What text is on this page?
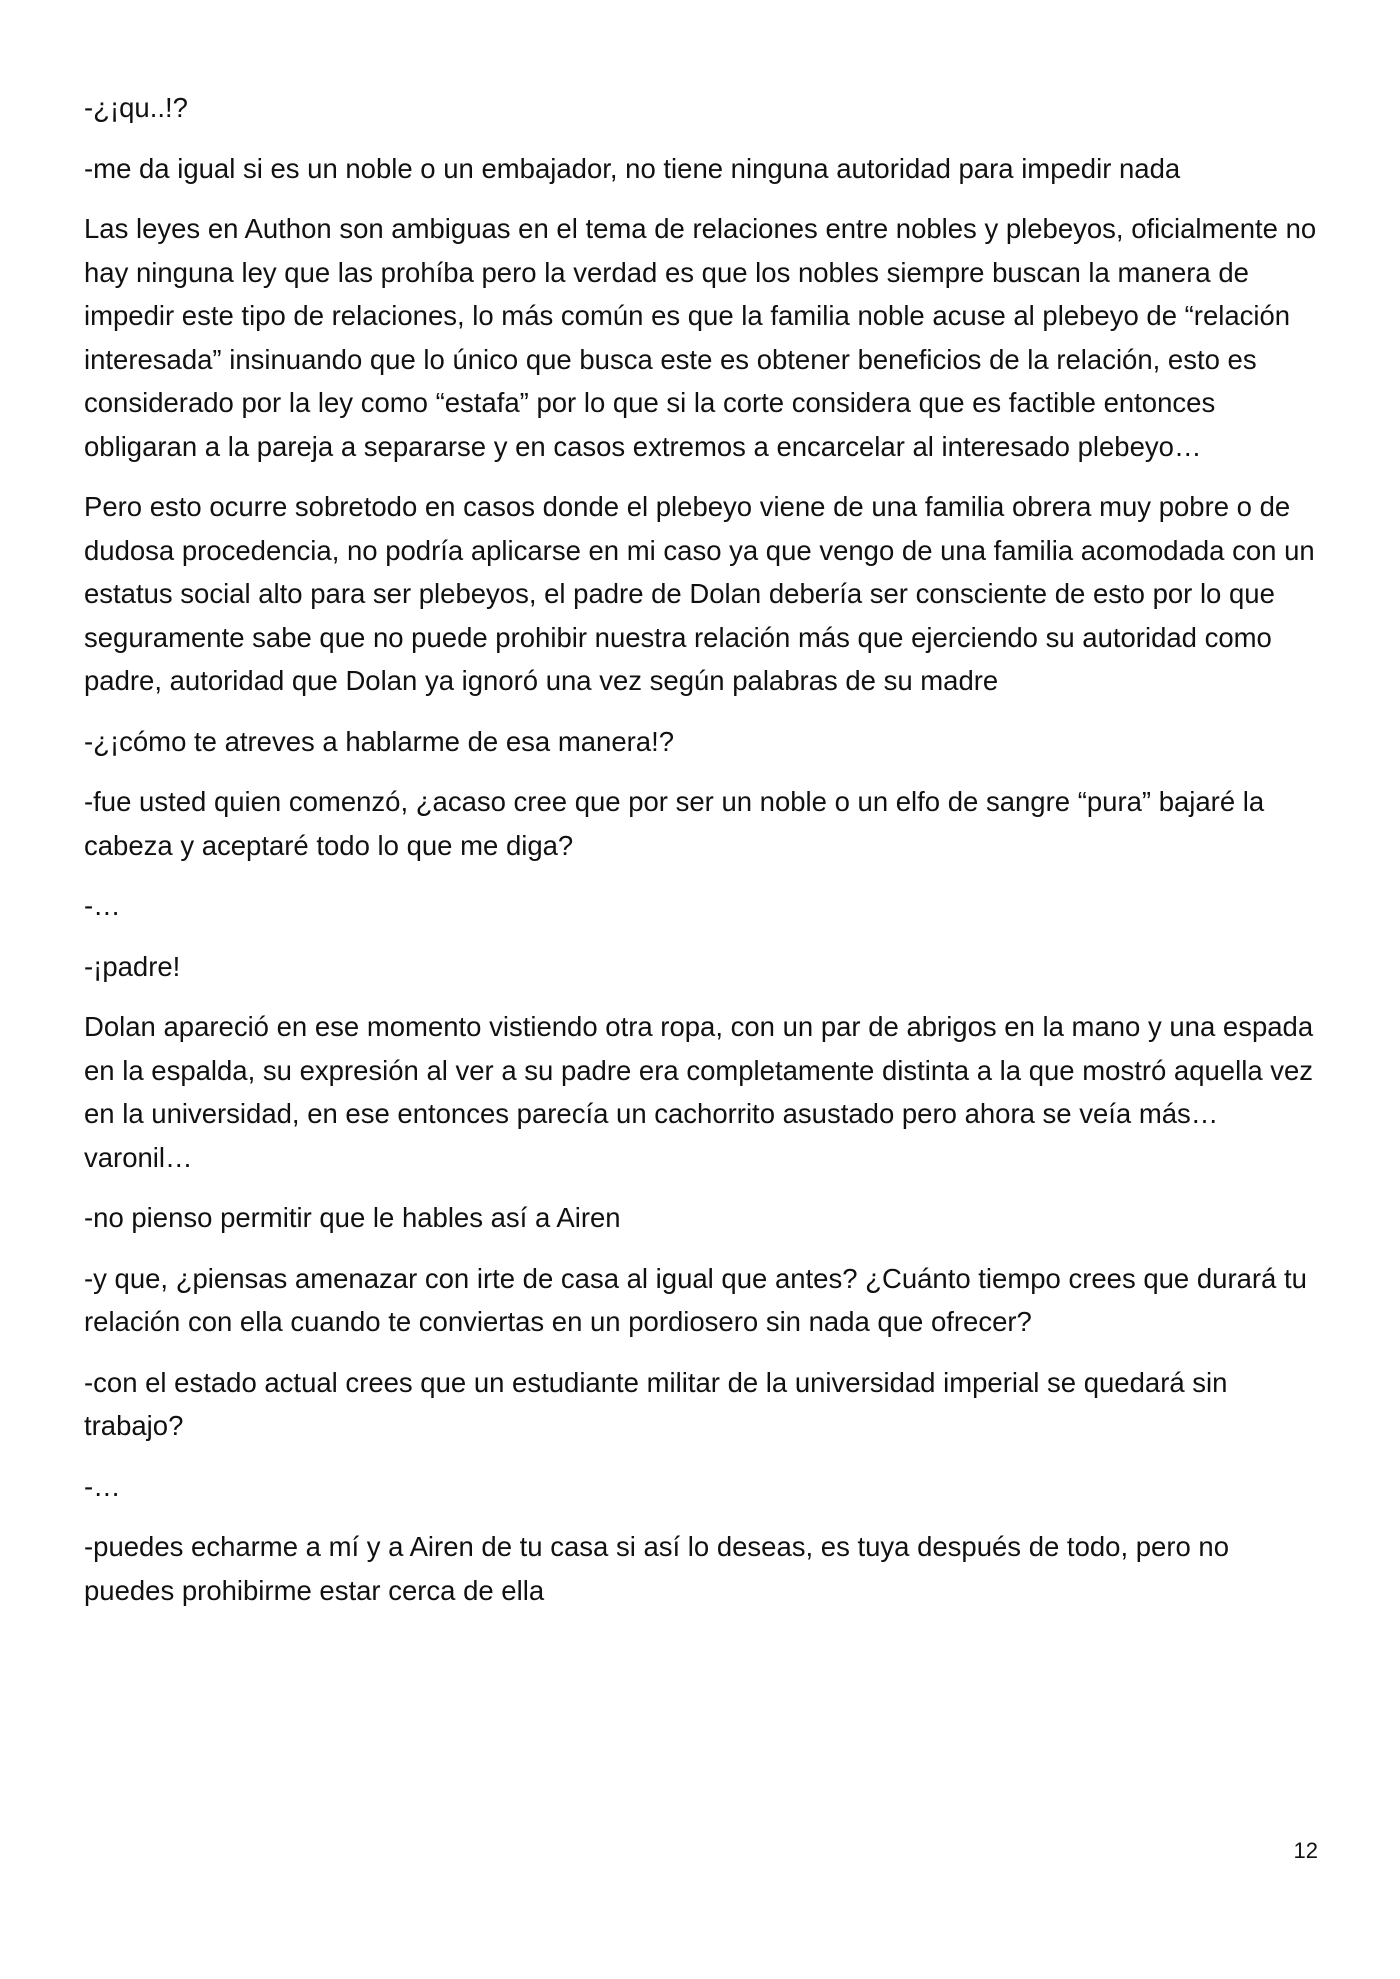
-¿¡qu..!?

-me da igual si es un noble o un embajador, no tiene ninguna autoridad para impedir nada

Las leyes en Authon son ambiguas en el tema de relaciones entre nobles y plebeyos, oficialmente no hay ninguna ley que las prohíba pero la verdad es que los nobles siempre buscan la manera de impedir este tipo de relaciones, lo más común es que la familia noble acuse al plebeyo de “relación interesada” insinuando que lo único que busca este es obtener beneficios de la relación, esto es considerado por la ley como “estafa” por lo que si la corte considera que es factible entonces obligaran a la pareja a separarse y en casos extremos a encarcelar al interesado plebeyo…

Pero esto ocurre sobretodo en casos donde el plebeyo viene de una familia obrera muy pobre o de dudosa procedencia, no podría aplicarse en mi caso ya que vengo de una familia acomodada con un estatus social alto para ser plebeyos, el padre de Dolan debería ser consciente de esto por lo que seguramente sabe que no puede prohibir nuestra relación más que ejerciendo su autoridad como padre, autoridad que Dolan ya ignoró una vez según palabras de su madre

-¿¡cómo te atreves a hablarme de esa manera!?

-fue usted quien comenzó, ¿acaso cree que por ser un noble o un elfo de sangre “pura” bajaré la cabeza y aceptaré todo lo que me diga?

-…

-¡padre!

Dolan apareció en ese momento vistiendo otra ropa, con un par de abrigos en la mano y una espada en la espalda, su expresión al ver a su padre era completamente distinta a la que mostró aquella vez en la universidad, en ese entonces parecía un cachorrito asustado pero ahora se veía más… varonil…

-no pienso permitir que le hables así a Airen

-y que, ¿piensas amenazar con irte de casa al igual que antes? ¿Cuánto tiempo crees que durará tu relación con ella cuando te conviertas en un pordiosero sin nada que ofrecer?

-con el estado actual crees que un estudiante militar de la universidad imperial se quedará sin trabajo?

-…

-puedes echarme a mí y a Airen de tu casa si así lo deseas, es tuya después de todo, pero no puedes prohibirme estar cerca de ella

12
